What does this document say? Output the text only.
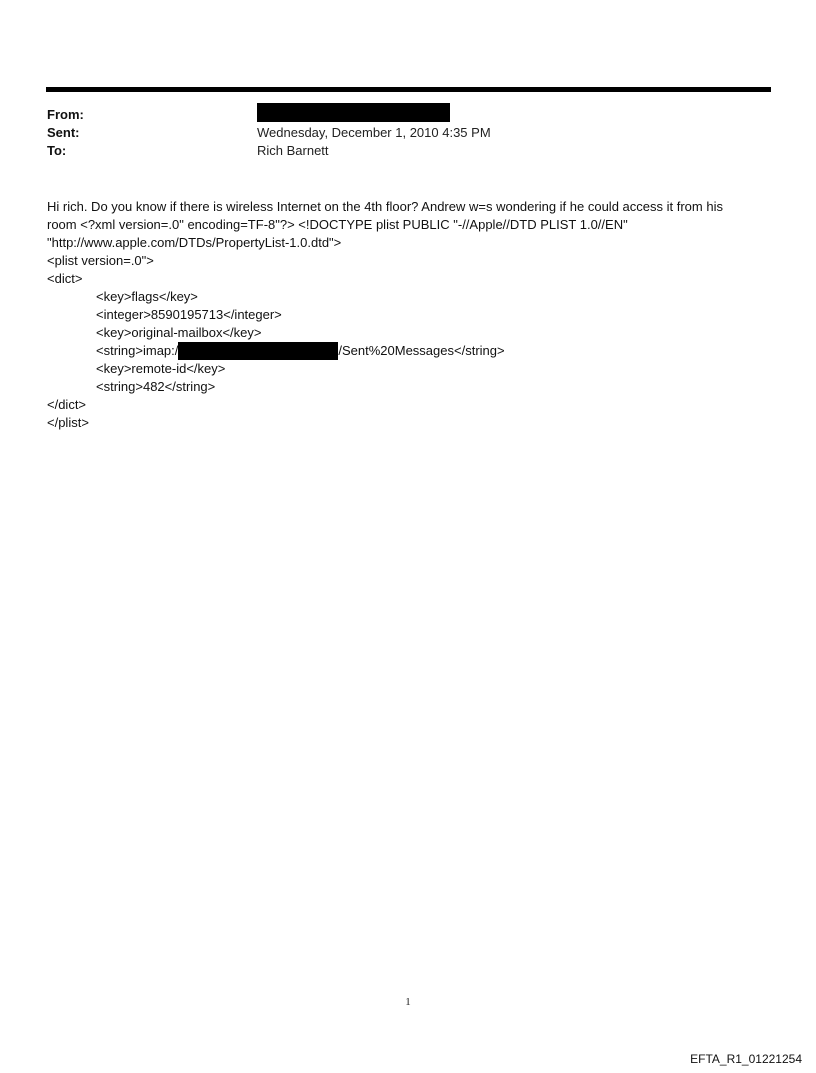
From:
Sent:	Wednesday, December 1, 2010 4:35 PM
To:	Rich Barnett
Hi rich. Do you know if there is wireless Internet on the 4th floor? Andrew w=s wondering if he could access it from his
room <?xml version=.0" encoding=TF-8"?> <!DOCTYPE plist PUBLIC "-//Apple//DTD PLIST 1.0//EN"
"http://www.apple.com/DTDs/PropertyList-1.0.dtd">
<plist version=.0">
<dict>
<key>flags</key>
<integer>8590195713</integer>
<key>original-mailbox</key>
<string>imap:/	/Sent%20Messages</string>
<key>remote-id</key>
<string>482</string>
</dict>
</plist>
1
EFTA_R1_01221254
